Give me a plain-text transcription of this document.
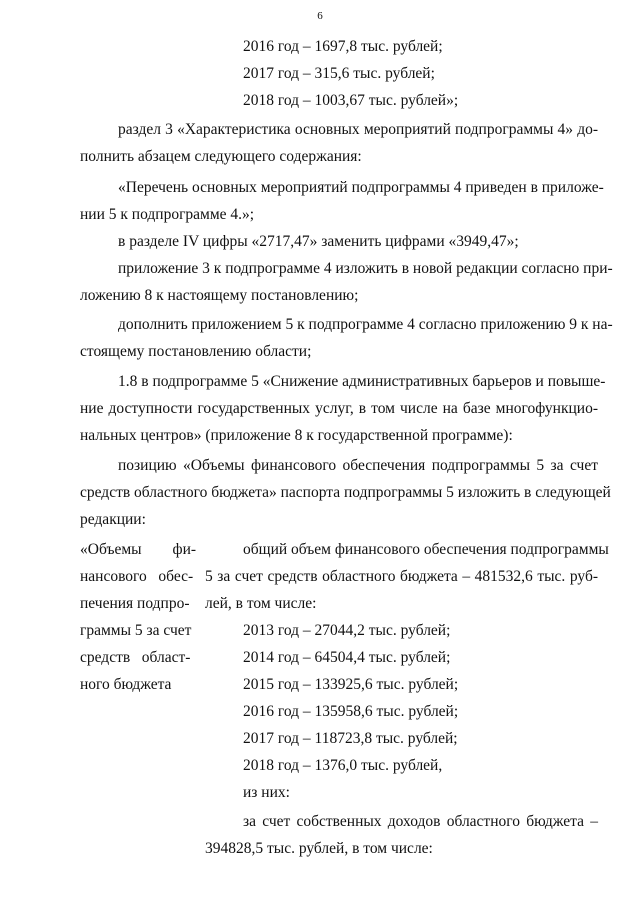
6
2016 год – 1697,8 тыс. рублей;
2017 год – 315,6 тыс. рублей;
2018 год – 1003,67 тыс. рублей»;
раздел 3 «Характеристика основных мероприятий подпрограммы 4» до-
полнить абзацем следующего содержания:
«Перечень основных мероприятий подпрограммы 4 приведен в приложе-
нии 5 к подпрограмме 4.»;
в разделе IV цифры «2717,47» заменить цифрами «3949,47»;
приложение 3 к подпрограмме 4 изложить в новой редакции согласно при-
ложению 8 к настоящему постановлению;
дополнить приложением 5 к подпрограмме 4 согласно приложению 9 к на-
стоящему постановлению области;
1.8 в подпрограмме 5 «Снижение административных барьеров и повыше-
ние доступности государственных услуг, в том числе на базе многофункцио-
нальных центров» (приложение 8 к государственной программе):
позицию «Объемы финансового обеспечения подпрограммы 5 за счет
средств областного бюджета» паспорта подпрограммы 5 изложить в следующей
редакции:
«Объемы        фи-
нансового   обес-
печения подпро-
граммы 5 за счет
средств   област-
ного бюджета
общий объем финансового обеспечения подпрограммы
5 за счет средств областного бюджета – 481532,6 тыс. руб-
лей, в том числе:
2013 год – 27044,2 тыс. рублей;
2014 год – 64504,4 тыс. рублей;
2015 год – 133925,6 тыс. рублей;
2016 год – 135958,6 тыс. рублей;
2017 год – 118723,8 тыс. рублей;
2018 год – 1376,0 тыс. рублей,
из них:
за счет собственных доходов областного бюджета –
394828,5 тыс. рублей, в том числе:
